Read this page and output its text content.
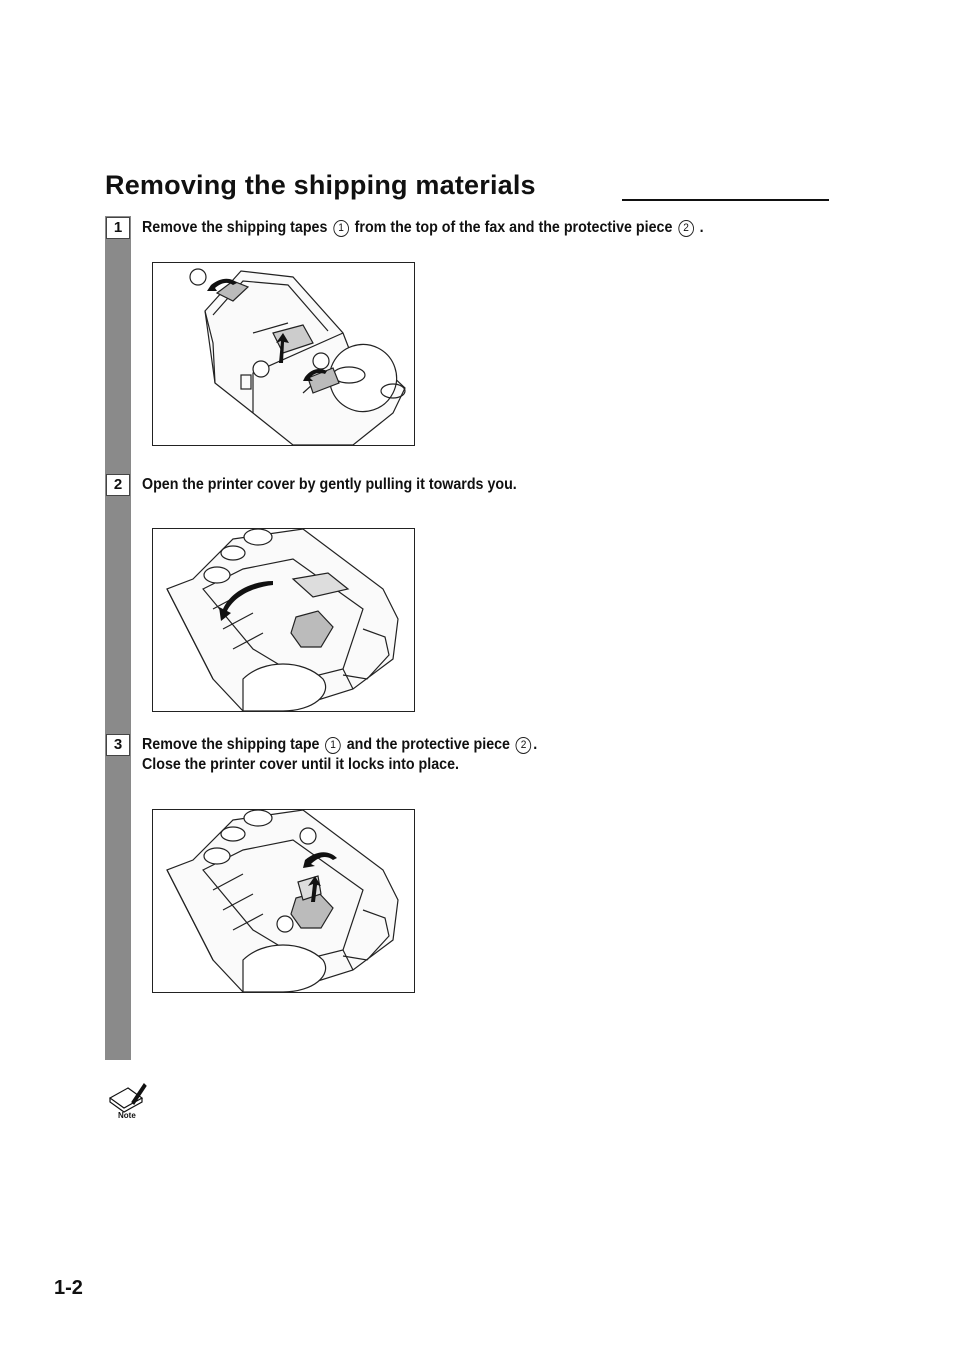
Removing the shipping materials
1	Remove the shipping tapes 1 from the top of the fax and the protective piece 2 .
2	Open the printer cover by gently pulling it towards you.
3	Remove the shipping tape 1 and the protective piece 2 .
Close the printer cover until it locks into place.
Note
1-2
